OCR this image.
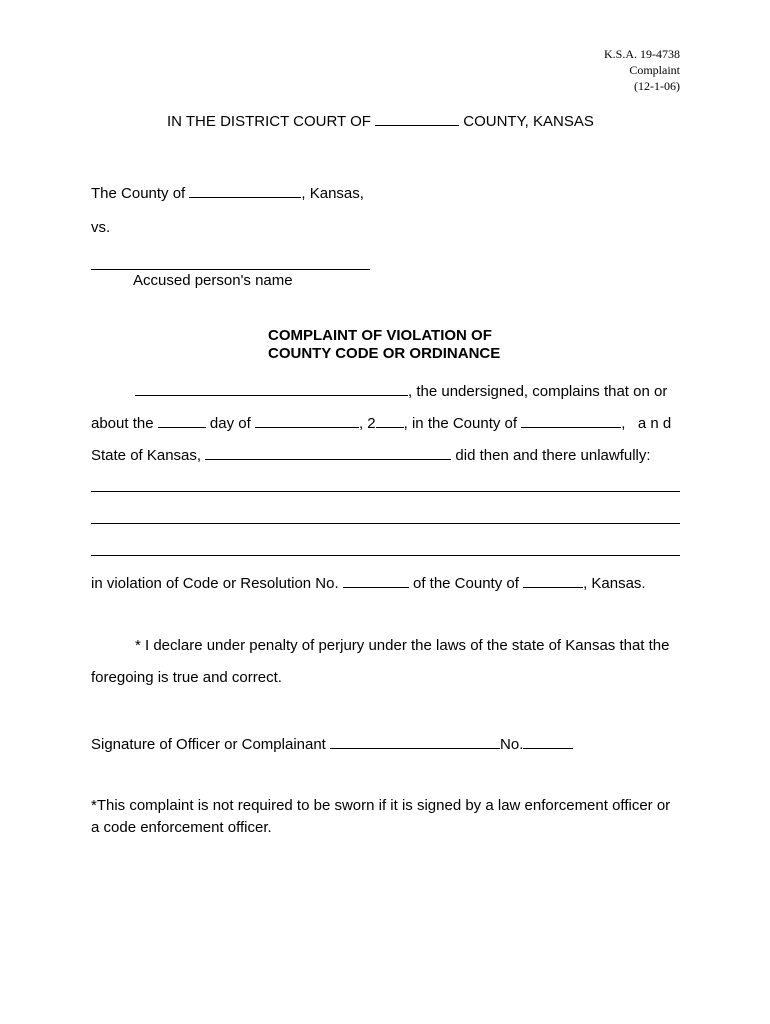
K.S.A. 19-4738
Complaint
(12-1-06)
IN THE DISTRICT COURT OF	COUNTY, KANSAS
The County of	, Kansas,
vs.
Accused person's name
COMPLAINT OF VIOLATION OF
COUNTY CODE OR ORDINANCE
, the undersigned, complains that on or
about the	day of	, 2 , in the County of	,   a n d
State of Kansas,	did then and there unlawfully:
in violation of Code or Resolution No.	of the County of	, Kansas.
* I declare under penalty of perjury under the laws of the state of Kansas that the
foregoing is true and correct.
Signature of Officer or Complainant	No.
*This complaint is not required to be sworn if it is signed by a law enforcement officer or
a code enforcement officer.
